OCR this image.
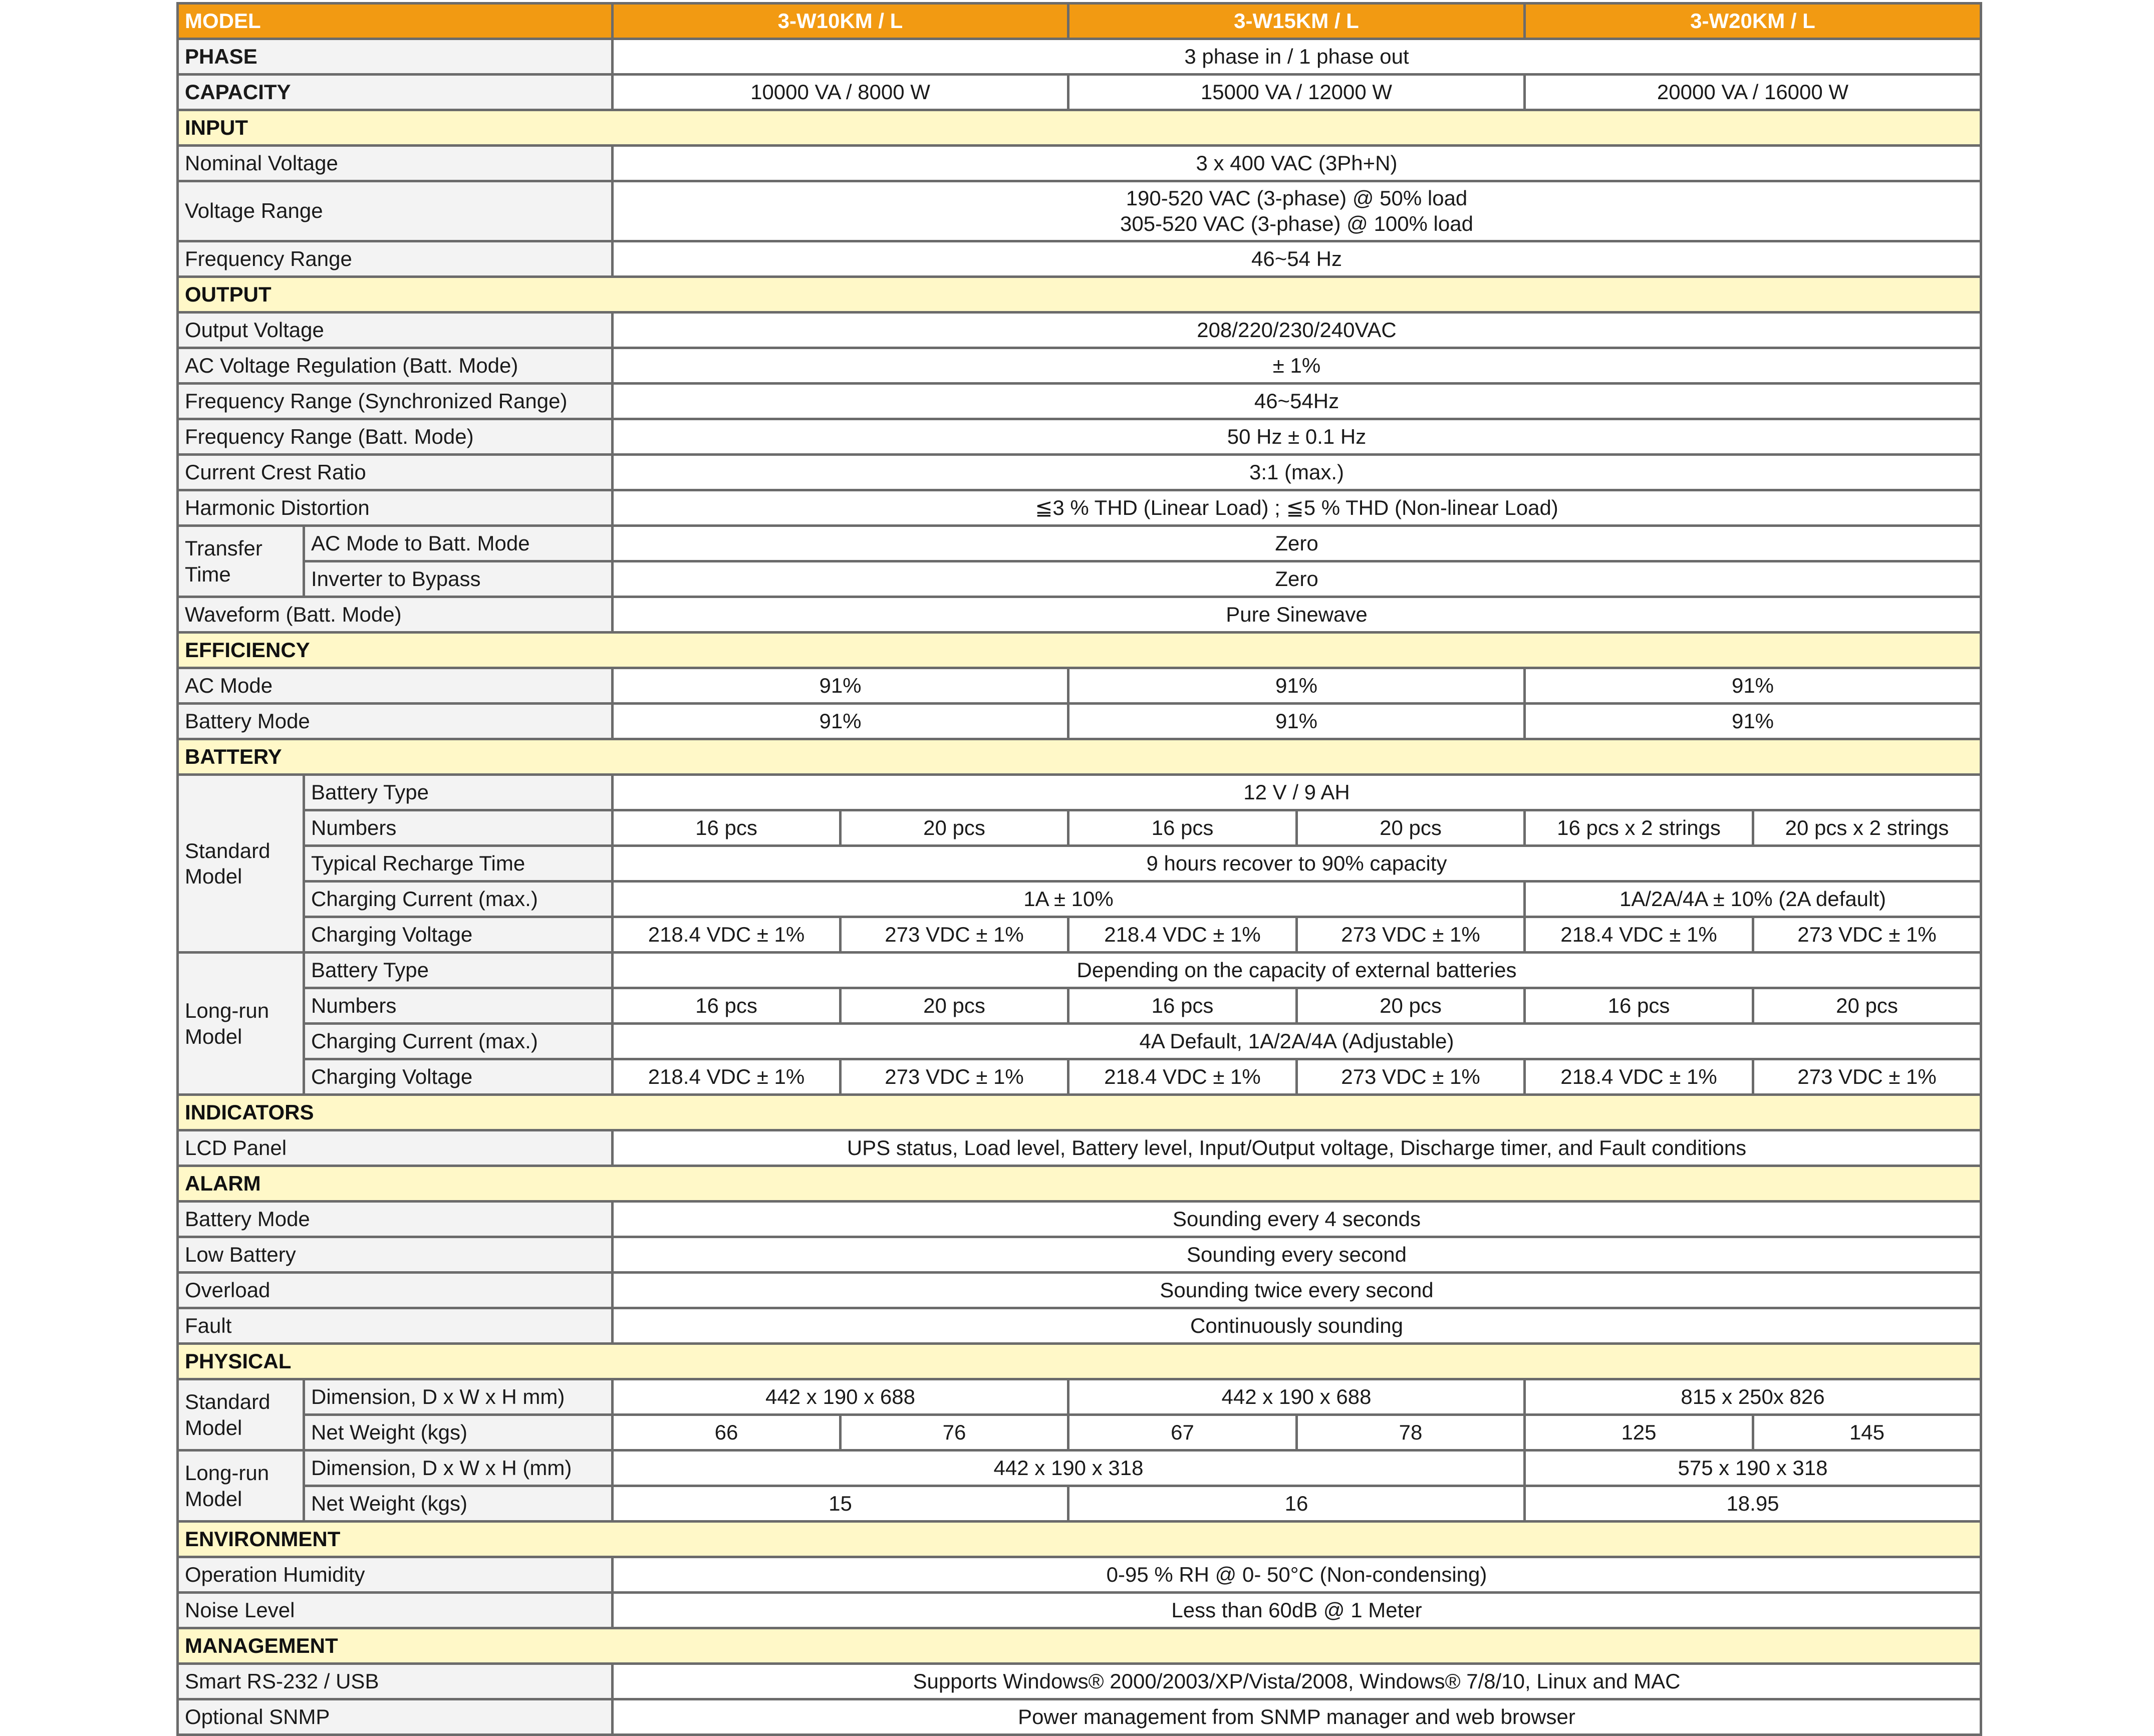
MODEL		3-W10KM / L		3-W15KM / L		3-W20KM / L	
PHASE		3 phase in / 1 phase out					
CAPACITY		10000 VA / 8000 W		15000 VA / 12000 W		20000 VA / 16000 W	
INPUT							
Nominal Voltage		3 x 400 VAC (3Ph+N)					
Voltage Range		190-520 VAC (3-phase) @ 50% load
305-520 VAC (3-phase) @ 100% load					

Frequency Range		46~54 Hz					
OUTPUT							
Output Voltage		208/220/230/240VAC					
AC Voltage Regulation (Batt. Mode)		± 1%					
Frequency Range (Synchronized Range)		46~54Hz					
Frequency Range (Batt. Mode)		50 Hz ± 0.1 Hz					
Current Crest Ratio		3:1 (max.)					
Harmonic Distortion		≦3 % THD (Linear Load) ; ≦5 % THD (Non-linear Load)					
Transfer Time	AC Mode to Batt. Mode	Zero					
	Inverter to Bypass	Zero					
Waveform (Batt. Mode)		Pure Sinewave					
EFFICIENCY							
AC Mode		91%		91%		91%	
Battery Mode		91%		91%		91%	
BATTERY							
Standard Model	Battery Type	12 V / 9 AH					
	Numbers	16 pcs	20 pcs	16 pcs	20 pcs	16 pcs x 2 strings	20 pcs x 2 strings
	Typical Recharge Time	9 hours recover to 90% capacity					
	Charging Current (max.)	1A ± 10%				1A/2A/4A ± 10% (2A default)	
	Charging Voltage	218.4 VDC ± 1%	273 VDC ± 1%	218.4 VDC ± 1%	273 VDC ± 1%	218.4 VDC ± 1%	273 VDC ± 1%
Long-run Model	Battery Type	Depending on the capacity of external batteries					
	Numbers	16 pcs	20 pcs	16 pcs	20 pcs	16 pcs	20 pcs
	Charging Current (max.)	4A Default, 1A/2A/4A (Adjustable)					
	Charging Voltage	218.4 VDC ± 1%	273 VDC ± 1%	218.4 VDC ± 1%	273 VDC ± 1%	218.4 VDC ± 1%	273 VDC ± 1%
INDICATORS							
LCD Panel		UPS status, Load level, Battery level, Input/Output voltage, Discharge timer, and Fault conditions					
ALARM							
Battery Mode		Sounding every 4 seconds					
Low Battery		Sounding every second					
Overload		Sounding twice every second					
Fault		Continuously sounding					
PHYSICAL							
Standard Model	Dimension, D x W x H mm)	442 x 190 x 688		442 x 190 x 688		815 x 250x 826	
	Net Weight (kgs)	66	76	67	78	125	145
Long-run Model	Dimension, D x W x H (mm)	442 x 190 x 318				575 x 190 x 318	
	Net Weight (kgs)	15		16		18.95	
ENVIRONMENT							
Operation Humidity		0-95 % RH @ 0- 50°C (Non-condensing)					
Noise Level		Less than 60dB @ 1 Meter					
MANAGEMENT							
Smart RS-232 / USB		Supports Windows® 2000/2003/XP/Vista/2008, Windows® 7/8/10, Linux and MAC					
Optional SNMP		Power management from SNMP manager and web browser					
